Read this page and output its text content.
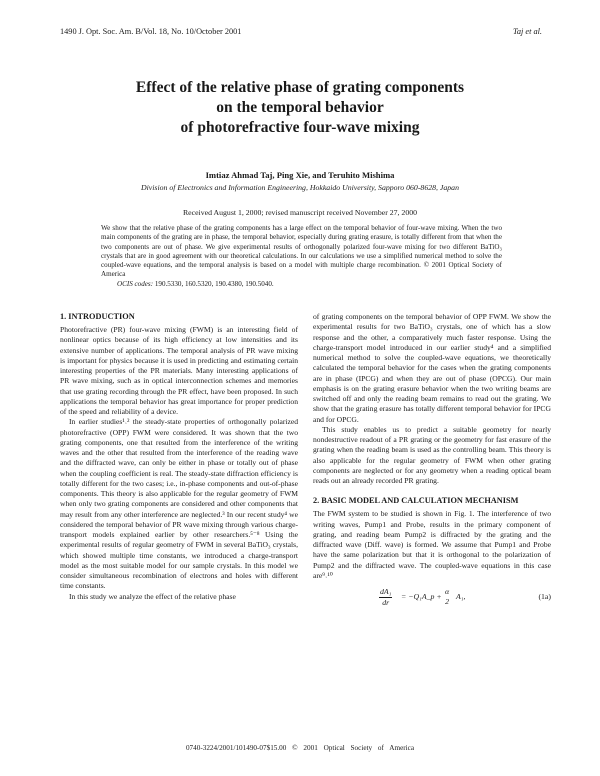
1490 J. Opt. Soc. Am. B/Vol. 18, No. 10/October 2001	Taj et al.
Effect of the relative phase of grating components
on the temporal behavior
of photorefractive four-wave mixing
Imtiaz Ahmad Taj, Ping Xie, and Teruhito Mishima
Division of Electronics and Information Engineering, Hokkaido University, Sapporo 060-8628, Japan
Received August 1, 2000; revised manuscript received November 27, 2000

We show that the relative phase of the grating components has a large effect on the temporal behavior of four-wave mixing. When the two main components of the grating are in phase, the temporal behavior, especially during grating erasure, is totally different from that when the two components are out of phase. We give experimental results of orthogonally polarized four-wave mixing for two different BaTiO₃ crystals that are in good agreement with our theoretical calculations. In our calculations we use a simplified numerical method to solve the coupled-wave equations, and the temporal analysis is based on a model with multiple charge recombination. © 2001 Optical Society of America

OCIS codes: 190.5330, 160.5320, 190.4380, 190.5040.

1. INTRODUCTION

Photorefractive (PR) four-wave mixing (FWM) is an interesting field of nonlinear optics because of its high efficiency at low intensities and its extensive number of applications. The temporal analysis of PR wave mixing is important for physics because it is used in predicting and estimating certain interesting properties of the PR materials. Many interesting applications of PR wave mixing, such as in optical interconnection schemes and memories that use grating recording through the PR effect, have been proposed. In such applications the temporal behavior has great importance for proper prediction of the speed and reliability of a device.

In earlier studies¹˒² the steady-state properties of orthogonally polarized photorefractive (OPP) FWM were considered. It was shown that the two grating components, one that resulted from the interference of the writing waves and the other that resulted from the interference of the reading wave and the diffracted wave, can only be either in phase or totally out of phase when the coupling coefficient is real. The steady-state diffraction efficiency is totally different for the two cases; i.e., in-phase components and out-of-phase components. This theory is also applicable for the regular geometry of FWM when only two grating components are considered and other components that may result from any other interference are neglected.³ In our recent study⁴ we considered the temporal behavior of PR wave mixing through various charge-transport models explained earlier by other researchers.⁵⁻⁸ Using the experimental results of regular geometry of FWM in several BaTiO₃ crystals, which showed multiple time constants, we introduced a charge-transport model as the most suitable model for our sample crystals. In this model we consider simultaneous recombination of electrons and holes with different time constants.

In this study we analyze the effect of the relative phase

of grating components on the temporal behavior of OPP FWM. We show the experimental results for two BaTiO₃ crystals, one of which has a slow response and the other, a comparatively much faster response. Using the charge-transport model introduced in our earlier study⁴ and a simplified numerical method to solve the coupled-wave equations, we theoretically calculated the temporal behavior for the cases when the grating components are in phase (IPCG) and when they are out of phase (OPCG). Our main emphasis is on the grating erasure behavior when the two writing beams are switched off and only the reading beam remains to read out the grating. We show that the grating erasure has totally different temporal behavior for IPCG and for OPCG.

This study enables us to predict a suitable geometry for nearly nondestructive readout of a PR grating or the geometry for fast erasure of the grating when the reading beam is used as the controlling beam. This theory is also applicable for the regular geometry of FWM when other grating components are neglected or for any geometry when a reading optical beam reads out an already recorded PR grating.

2. BASIC MODEL AND CALCULATION MECHANISM

The FWM system to be studied is shown in Fig. 1. The interference of two writing waves, Pump1 and Probe, results in the primary component of grating, and reading beam Pump2 is diffracted by the grating and the diffracted wave (Diff. wave) is formed. We assume that Pump1 and Probe have the same polarization but that it is orthogonal to the polarization of Pump2 and the diffracted wave. The coupled-wave equations in this case are⁹˒¹⁰

$\frac{\text{dA₁}}{dr}$ = −Q₁A_p +
α
2
A₁,	(1a)
0740-3224/2001/101490-07$15.00 © 2001 Optical Society of America
